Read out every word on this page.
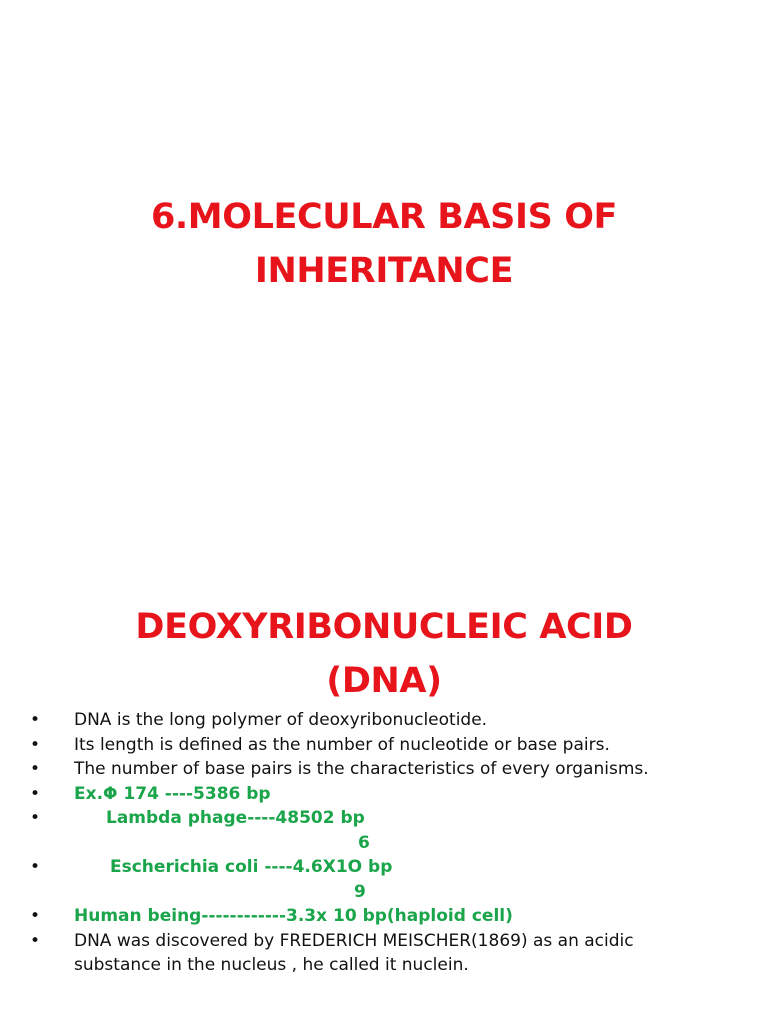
6.MOLECULAR BASIS OF
INHERITANCE
DEOXYRIBONUCLEIC ACID
(DNA)
• DNA is the long polymer of deoxyribonucleotide.
• Its length is defined as the number of nucleotide or base pairs.
• The number of base pairs is the characteristics of every organisms.
• Ex.Φ 174 ----5386 bp
•	Lambda phage----48502 bp
6
•	Escherichia coli ----4.6X1O bp
9
• Human being------------3.3x 10 bp(haploid cell)
• DNA was discovered by FREDERICH MEISCHER(1869) as an acidic
substance in the nucleus , he called it nuclein.
